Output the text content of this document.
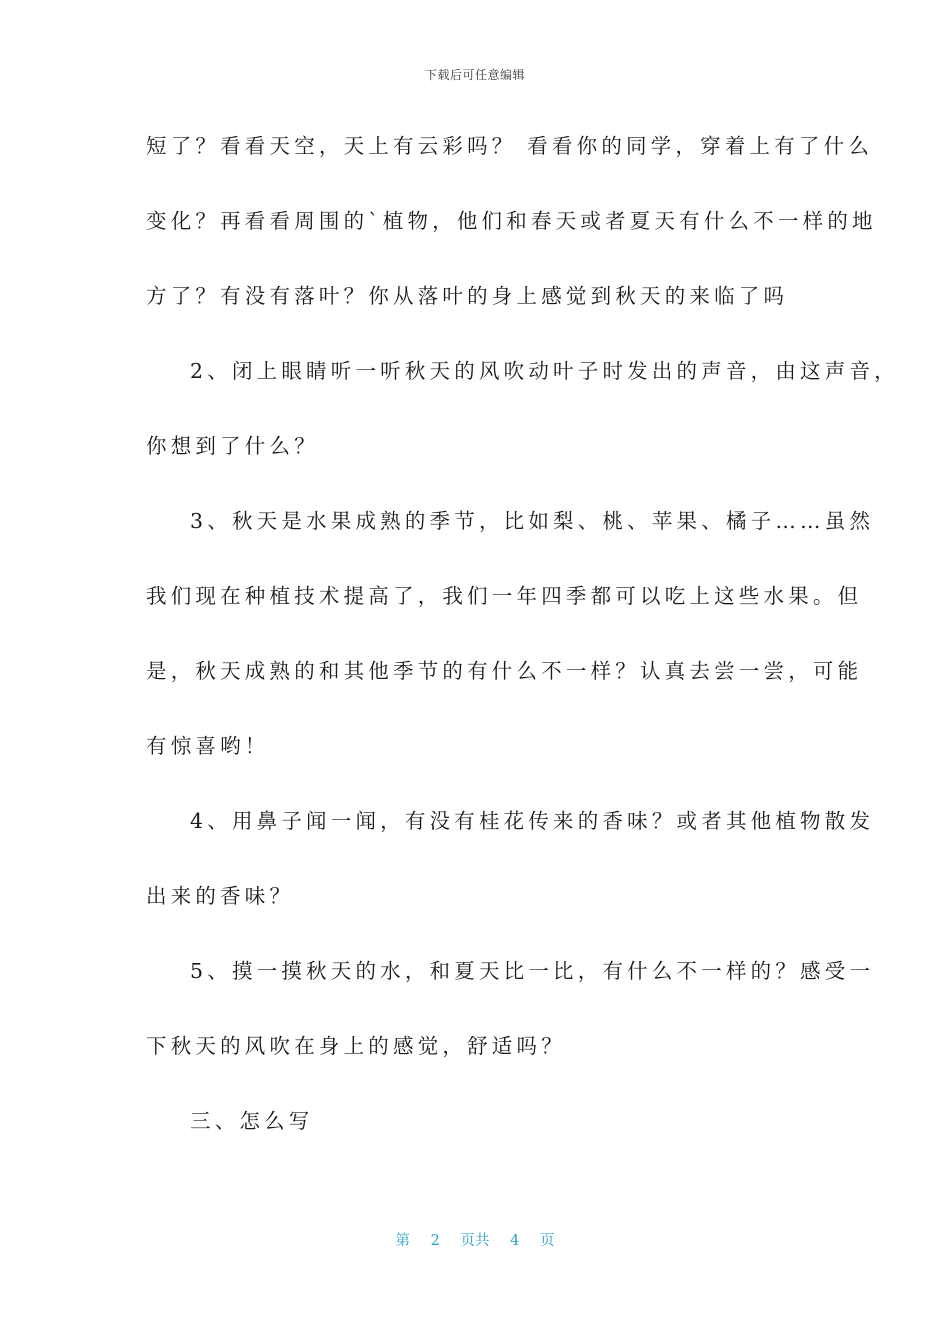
下载后可任意编辑
短了？看看天空，天上有云彩吗？ 看看你的同学，穿着上有了什么
变化？再看看周围的`植物，他们和春天或者夏天有什么不一样的地
方了？有没有落叶？你从落叶的身上感觉到秋天的来临了吗
2、闭上眼睛听一听秋天的风吹动叶子时发出的声音，由这声音，
你想到了什么？
3、秋天是水果成熟的季节，比如梨、桃、苹果、橘子……虽然
我们现在种植技术提高了，我们一年四季都可以吃上这些水果。但
是，秋天成熟的和其他季节的有什么不一样？认真去尝一尝，可能
有惊喜哟！
4、用鼻子闻一闻，有没有桂花传来的香味？或者其他植物散发
出来的香味？
5、摸一摸秋天的水，和夏天比一比，有什么不一样的？感受一
下秋天的风吹在身上的感觉，舒适吗？
三、怎么写
第 2 页共 4 页
